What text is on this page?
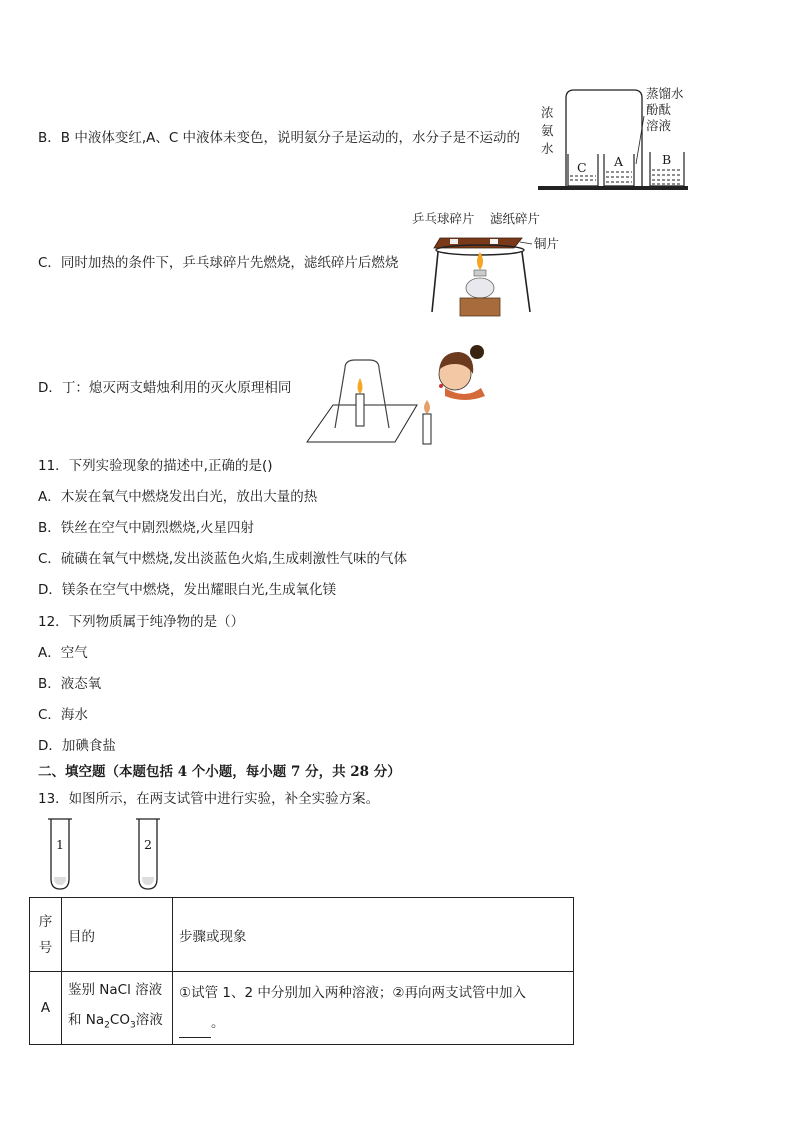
B．B 中液体变红,A、C 中液体未变色，说明氨分子是运动的，水分子是不运动的
C A	B
浓
氨
水
蒸馏水
酚酞
溶液
C．同时加热的条件下，乒乓球碎片先燃烧，滤纸碎片后燃烧
乒乓球碎片 滤纸碎片
铜片
D．丁：熄灭两支蜡烛利用的灭火原理相同
11．下列实验现象的描述中,正确的是()
A．木炭在氧气中燃烧发出白光，放出大量的热
B．铁丝在空气中剧烈燃烧,火星四射
C．硫磺在氧气中燃烧,发出淡蓝色火焰,生成刺激性气味的气体
D．镁条在空气中燃烧，发出耀眼白光,生成氧化镁
12．下列物质属于纯净物的是（）
A．空气
B．液态氧
C．海水
D．加碘食盐
二、填空题（本题包括 4 个小题，每小题 7 分，共 28 分）
13．如图所示，在两支试管中进行实验，补全实验方案。
1	2
序
号	目的	步骤或现象
A	鉴别 NaCl 溶液
和 $Na_2CO_3$溶液	①试管 1、2 中分别加入两种溶液；②再向两支试管中加入
。
